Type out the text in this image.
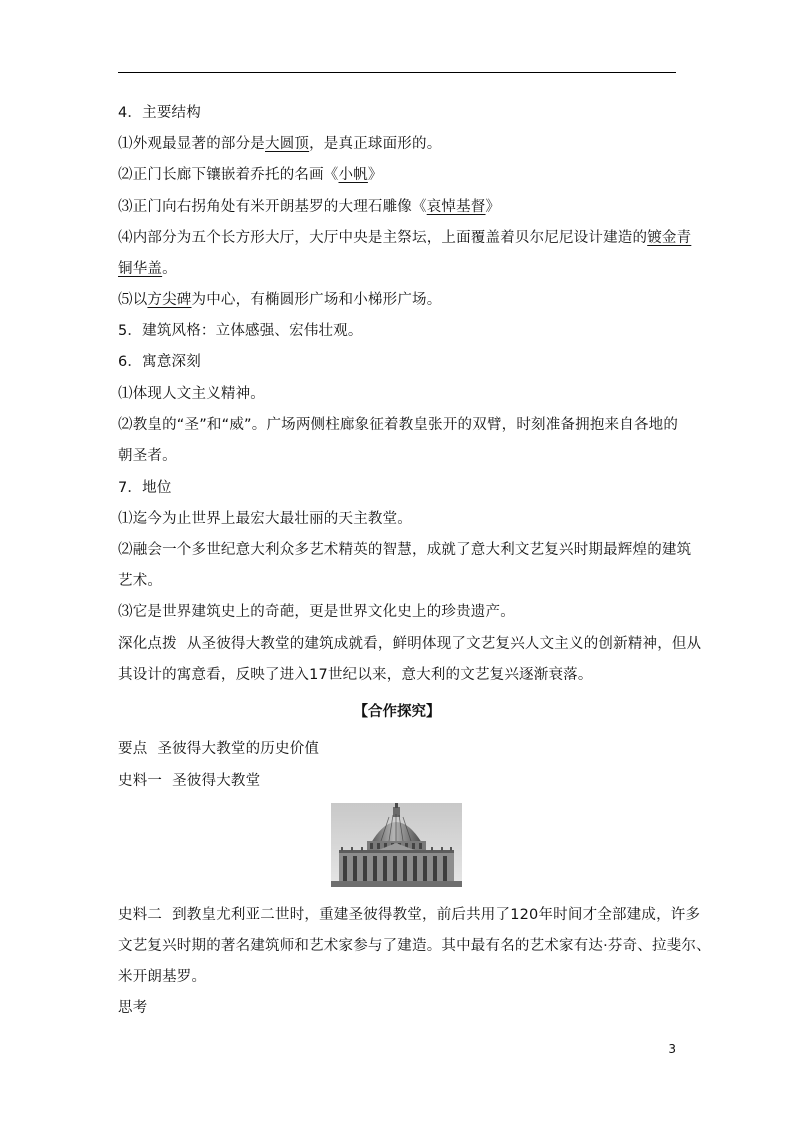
4．主要结构
⑴外观最显著的部分是大圆顶，是真正球面形的。
⑵正门长廊下镶嵌着乔托的名画《小帆》
⑶正门向右拐角处有米开朗基罗的大理石雕像《哀悼基督》
⑷内部分为五个长方形大厅，大厅中央是主祭坛，上面覆盖着贝尔尼尼设计建造的镀金青
铜华盖。
⑸以方尖碑为中心，有椭圆形广场和小梯形广场。
5．建筑风格：立体感强、宏伟壮观。
6．寓意深刻
⑴体现人文主义精神。
⑵教皇的“圣”和“威”。广场两侧柱廊象征着教皇张开的双臂，时刻准备拥抱来自各地的
朝圣者。
7．地位
⑴迄今为止世界上最宏大最壮丽的天主教堂。
⑵融会一个多世纪意大利众多艺术精英的智慧，成就了意大利文艺复兴时期最辉煌的建筑
艺术。
⑶它是世界建筑史上的奇葩，更是世界文化史上的珍贵遗产。
深化点拨 从圣彼得大教堂的建筑成就看，鲜明体现了文艺复兴人文主义的创新精神，但从
其设计的寓意看，反映了进入17世纪以来，意大利的文艺复兴逐渐衰落。
【合作探究】
要点 圣彼得大教堂的历史价值
史料一 圣彼得大教堂
史料二 到教皇尤利亚二世时，重建圣彼得教堂，前后共用了120年时间才全部建成，许多
文艺复兴时期的著名建筑师和艺术家参与了建造。其中最有名的艺术家有达·芬奇、拉斐尔、
米开朗基罗。
思考
3
